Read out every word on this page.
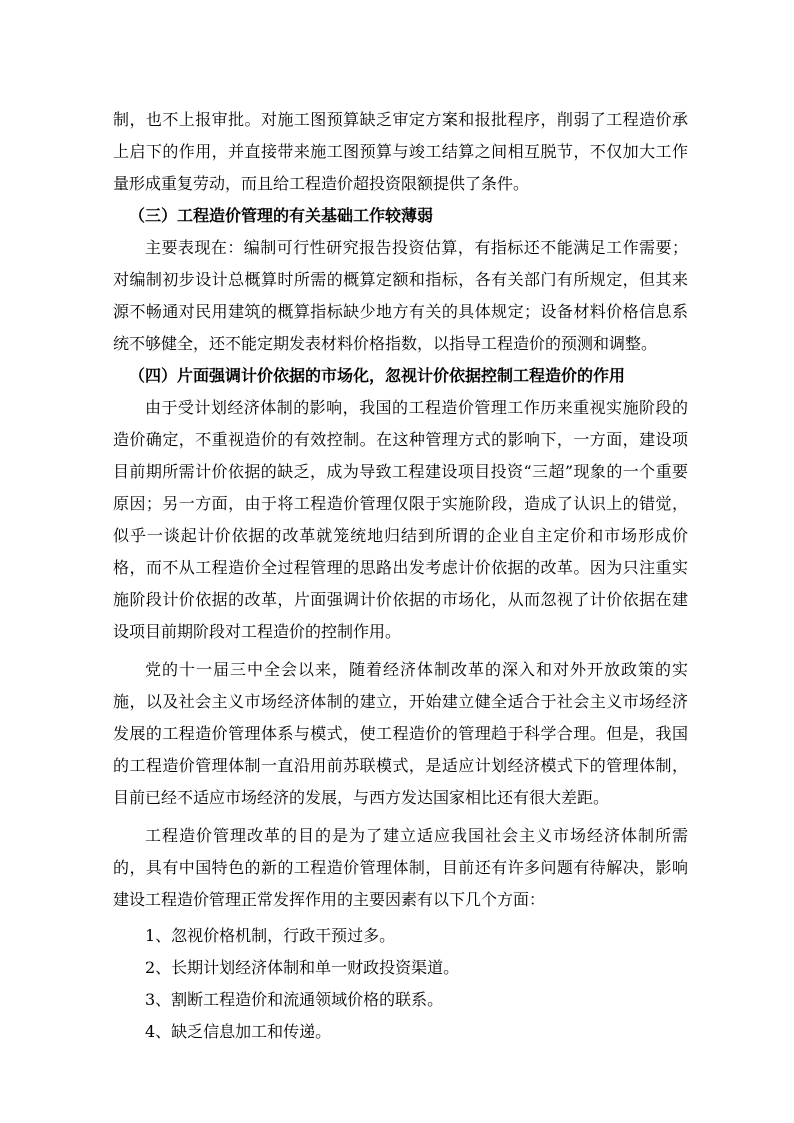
制，也不上报审批。对施工图预算缺乏审定方案和报批程序，削弱了工程造价承上启下的作用，并直接带来施工图预算与竣工结算之间相互脱节，不仅加大工作量形成重复劳动，而且给工程造价超投资限额提供了条件。

（三）工程造价管理的有关基础工作较薄弱

主要表现在：编制可行性研究报告投资估算，有指标还不能满足工作需要；对编制初步设计总概算时所需的概算定额和指标，各有关部门有所规定，但其来源不畅通对民用建筑的概算指标缺少地方有关的具体规定；设备材料价格信息系统不够健全，还不能定期发表材料价格指数，以指导工程造价的预测和调整。

（四）片面强调计价依据的市场化，忽视计价依据控制工程造价的作用

由于受计划经济体制的影响，我国的工程造价管理工作历来重视实施阶段的造价确定，不重视造价的有效控制。在这种管理方式的影响下，一方面，建设项目前期所需计价依据的缺乏，成为导致工程建设项目投资“三超”现象的一个重要原因；另一方面，由于将工程造价管理仅限于实施阶段，造成了认识上的错觉，似乎一谈起计价依据的改革就笼统地归结到所谓的企业自主定价和市场形成价格，而不从工程造价全过程管理的思路出发考虑计价依据的改革。因为只注重实施阶段计价依据的改革，片面强调计价依据的市场化，从而忽视了计价依据在建设项目前期阶段对工程造价的控制作用。

党的十一届三中全会以来，随着经济体制改革的深入和对外开放政策的实施，以及社会主义市场经济体制的建立，开始建立健全适合于社会主义市场经济发展的工程造价管理体系与模式，使工程造价的管理趋于科学合理。但是，我国的工程造价管理体制一直沿用前苏联模式，是适应计划经济模式下的管理体制，目前已经不适应市场经济的发展，与西方发达国家相比还有很大差距。

工程造价管理改革的目的是为了建立适应我国社会主义市场经济体制所需的，具有中国特色的新的工程造价管理体制，目前还有许多问题有待解决，影响建设工程造价管理正常发挥作用的主要因素有以下几个方面：

1、忽视价格机制，行政干预过多。

2、长期计划经济体制和单一财政投资渠道。

3、割断工程造价和流通领域价格的联系。

4、缺乏信息加工和传递。
